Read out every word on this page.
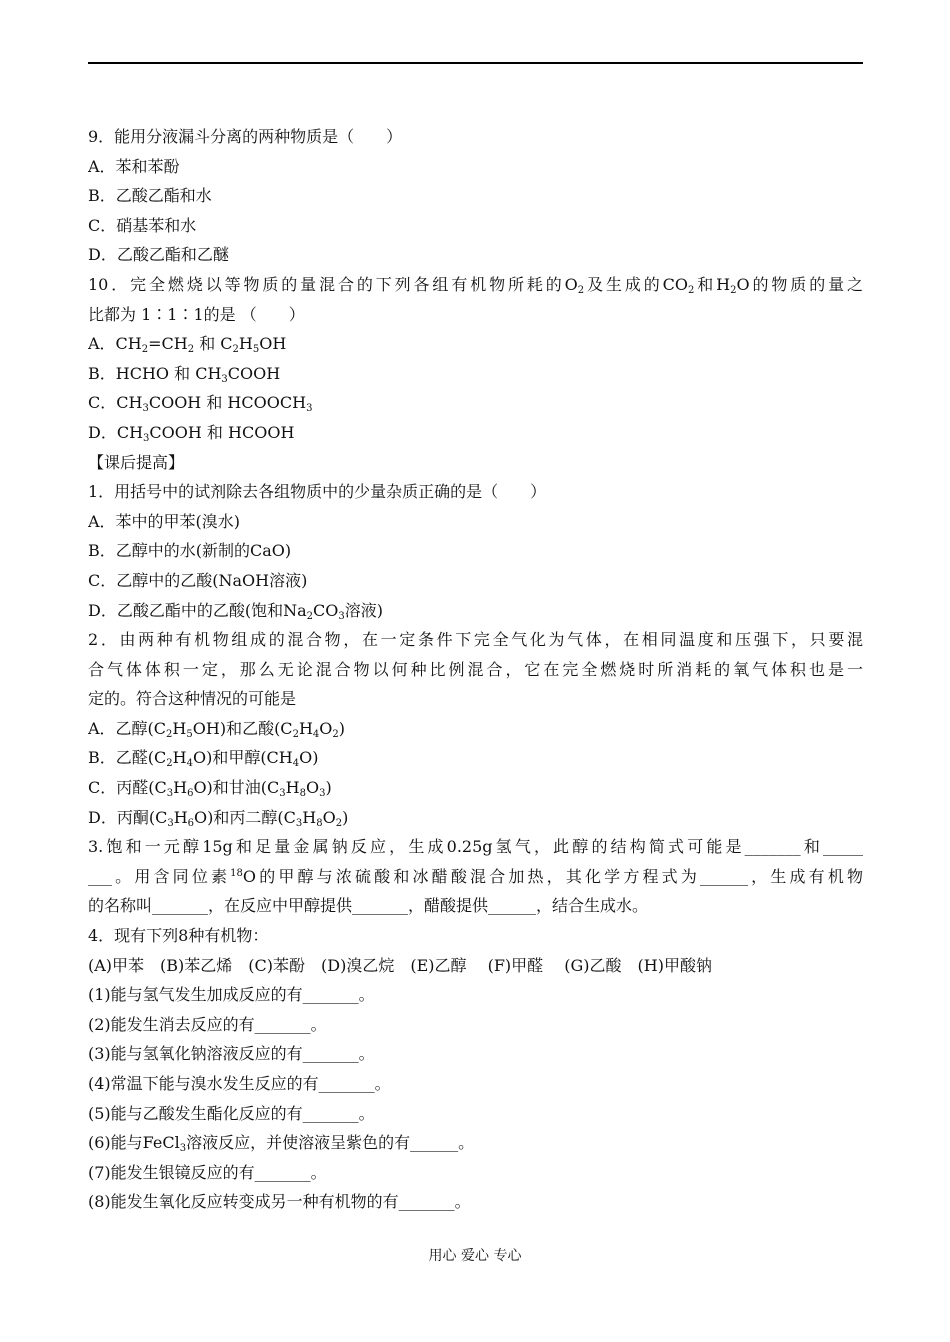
9．能用分液漏斗分离的两种物质是（　　）
A．苯和苯酚
B．乙酸乙酯和水
C．硝基苯和水
D．乙酸乙酯和乙醚
10．完全燃烧以等物质的量混合的下列各组有机物所耗的$O_2$及生成的$CO_2$和$H_2O$的物质的量之
比都为 1∶1∶1的是 （　　）
A．$CH_2=CH_2$ 和 $C_2H_5OH$
B．HCHO 和 $CH_3COOH$
C．$CH_3COOH$ 和 $HCOOCH_3$
D．$CH_3COOH$ 和 HCOOH
【课后提高】
1．用括号中的试剂除去各组物质中的少量杂质正确的是（　　）
A．苯中的甲苯(溴水)
B．乙醇中的水(新制的CaO)
C．乙醇中的乙酸(NaOH溶液)
D．乙酸乙酯中的乙酸(饱和$Na_2CO_3$溶液)
2．由两种有机物组成的混合物，在一定条件下完全气化为气体，在相同温度和压强下，只要混
合气体体积一定，那么无论混合物以何种比例混合，它在完全燃烧时所消耗的氧气体积也是一
定的。符合这种情况的可能是
A．乙醇$(C_2H_5OH)$和乙酸$(C_2H_4O_2)$
B．乙醛$(C_2H_4O)$和甲醇$(CH_4O)$
C．丙醛$(C_3H_6O)$和甘油$(C_3H_8O_3)$
D．丙酮$(C_3H_6O)$和丙二醇$(C_3H_8O_2)$
3.饱和一元醇15g和足量金属钠反应，生成0.25g氢气，此醇的结构简式可能是_______和_____
___。用含同位素$^{18}$O的甲醇与浓硫酸和冰醋酸混合加热，其化学方程式为______，生成有机物
的名称叫_______，在反应中甲醇提供_______，醋酸提供______，结合生成水。
4．现有下列8种有机物：
(A)甲苯　(B)苯乙烯　(C)苯酚　(D)溴乙烷　(E)乙醇　 (F)甲醛　 (G)乙酸　(H)甲酸钠
(1)能与氢气发生加成反应的有_______。
(2)能发生消去反应的有_______。
(3)能与氢氧化钠溶液反应的有_______。
(4)常温下能与溴水发生反应的有_______。
(5)能与乙酸发生酯化反应的有_______。
(6)能与FeCl$_3$溶液反应，并使溶液呈紫色的有______。
(7)能发生银镜反应的有_______。
(8)能发生氧化反应转变成另一种有机物的有_______。
用心 爱心 专心
